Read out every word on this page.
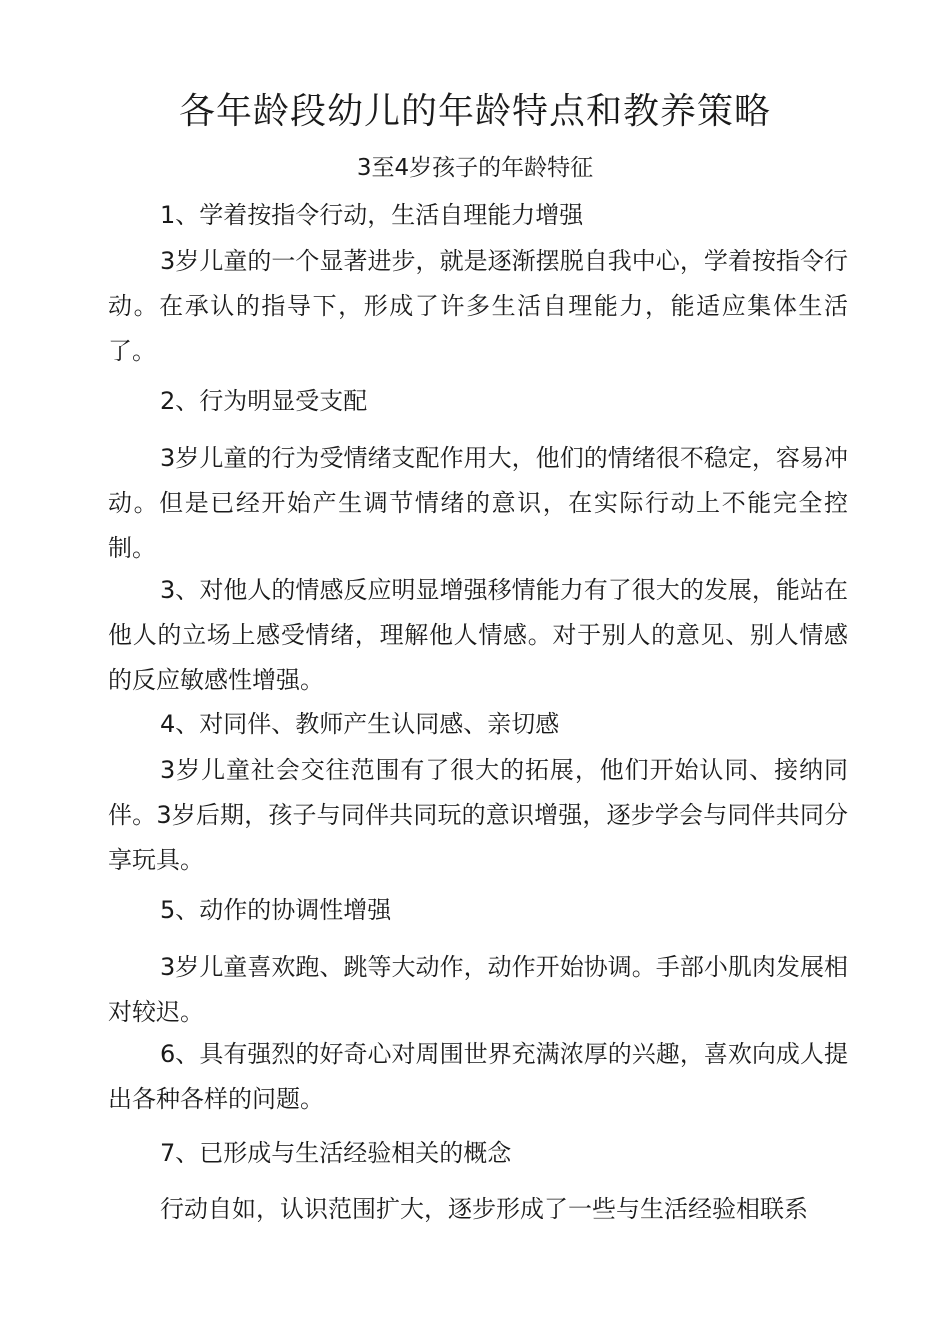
各年龄段幼儿的年龄特点和教养策略
3至4岁孩子的年龄特征
1、学着按指令行动，生活自理能力增强
3岁儿童的一个显著进步，就是逐渐摆脱自我中心，学着按指令行动。在承认的指导下，形成了许多生活自理能力，能适应集体生活了。
2、行为明显受支配
3岁儿童的行为受情绪支配作用大，他们的情绪很不稳定，容易冲动。但是已经开始产生调节情绪的意识，在实际行动上不能完全控制。
3、对他人的情感反应明显增强移情能力有了很大的发展，能站在他人的立场上感受情绪，理解他人情感。对于别人的意见、别人情感的反应敏感性增强。
4、对同伴、教师产生认同感、亲切感
3岁儿童社会交往范围有了很大的拓展，他们开始认同、接纳同伴。3岁后期，孩子与同伴共同玩的意识增强，逐步学会与同伴共同分享玩具。
5、动作的协调性增强
3岁儿童喜欢跑、跳等大动作，动作开始协调。手部小肌肉发展相对较迟。
6、具有强烈的好奇心对周围世界充满浓厚的兴趣，喜欢向成人提出各种各样的问题。
7、已形成与生活经验相关的概念
行动自如，认识范围扩大，逐步形成了一些与生活经验相联系
